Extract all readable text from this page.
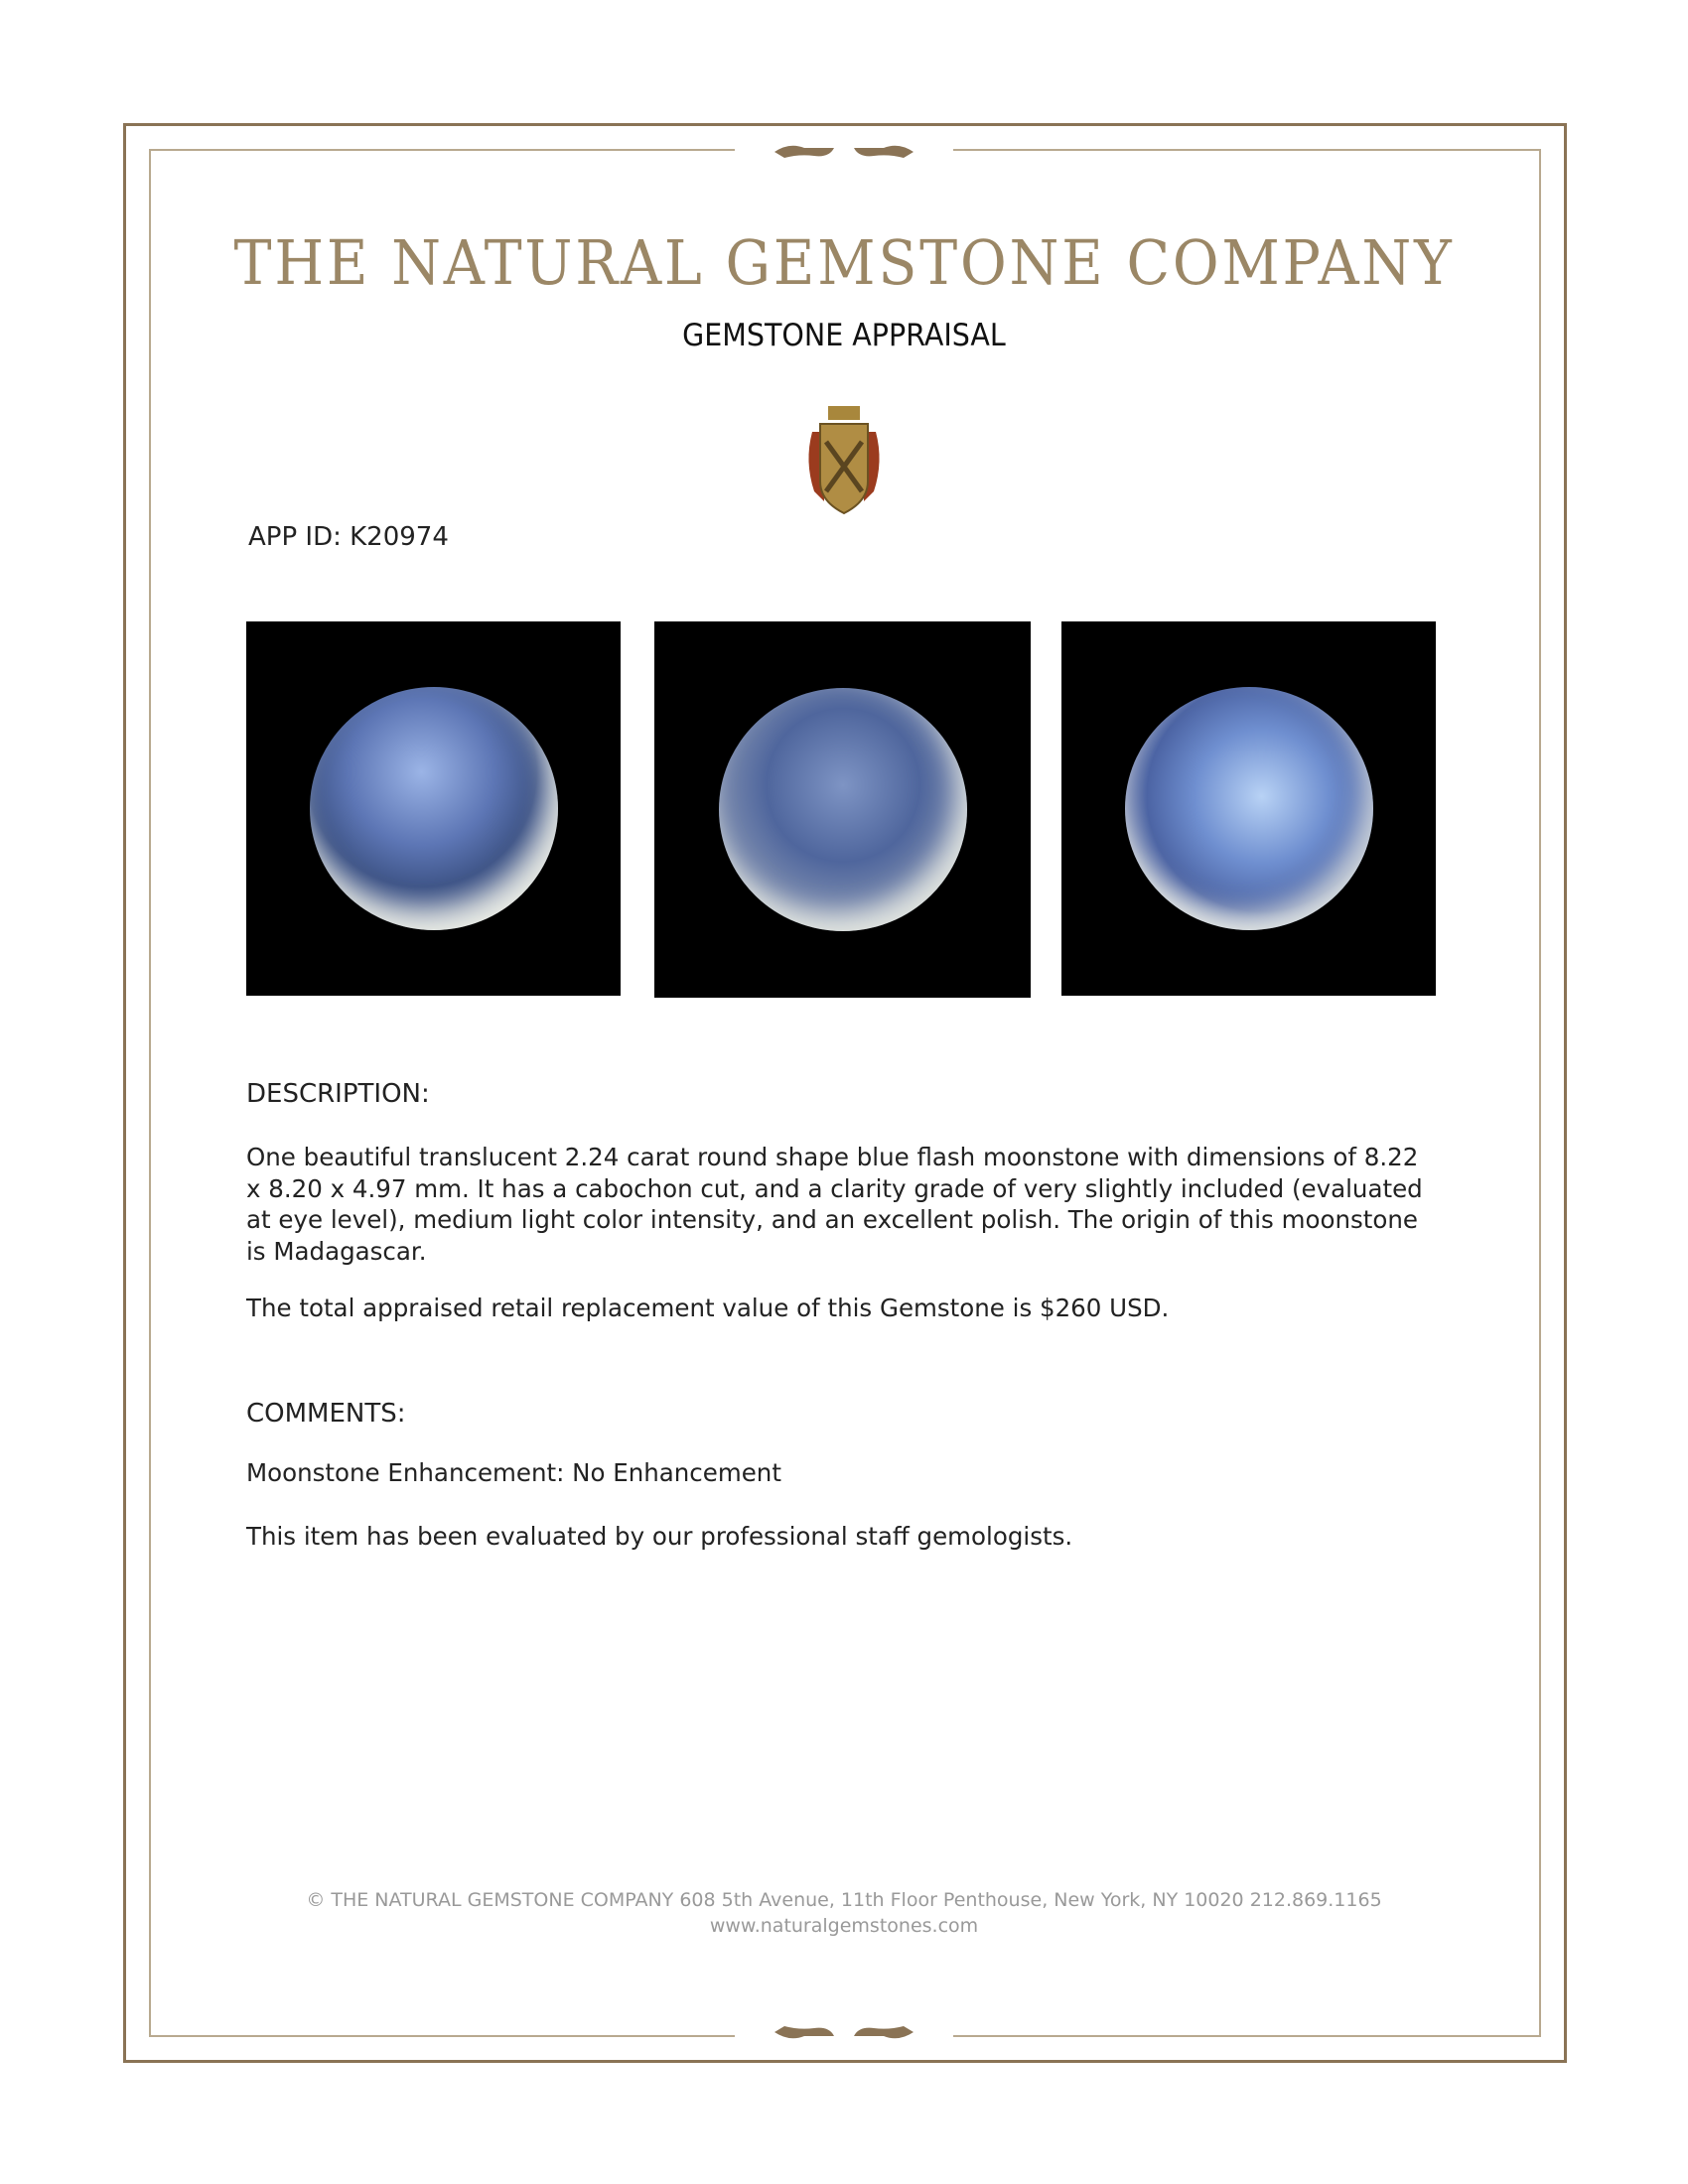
THE NATURAL GEMSTONE COMPANY
GEMSTONE APPRAISAL
APP ID: K20974
DESCRIPTION:

One beautiful translucent 2.24 carat round shape blue flash moonstone with dimensions of 8.22 x 8.20 x 4.97 mm. It has a cabochon cut, and a clarity grade of very slightly included (evaluated at eye level), medium light color intensity, and an excellent polish. The origin of this moonstone is Madagascar.

The total appraised retail replacement value of this Gemstone is $260 USD.

COMMENTS:

Moonstone Enhancement: No Enhancement

This item has been evaluated by our professional staff gemologists.

© THE NATURAL GEMSTONE COMPANY 608 5th Avenue, 11th Floor Penthouse, New York, NY 10020 212.869.1165
www.naturalgemstones.com
